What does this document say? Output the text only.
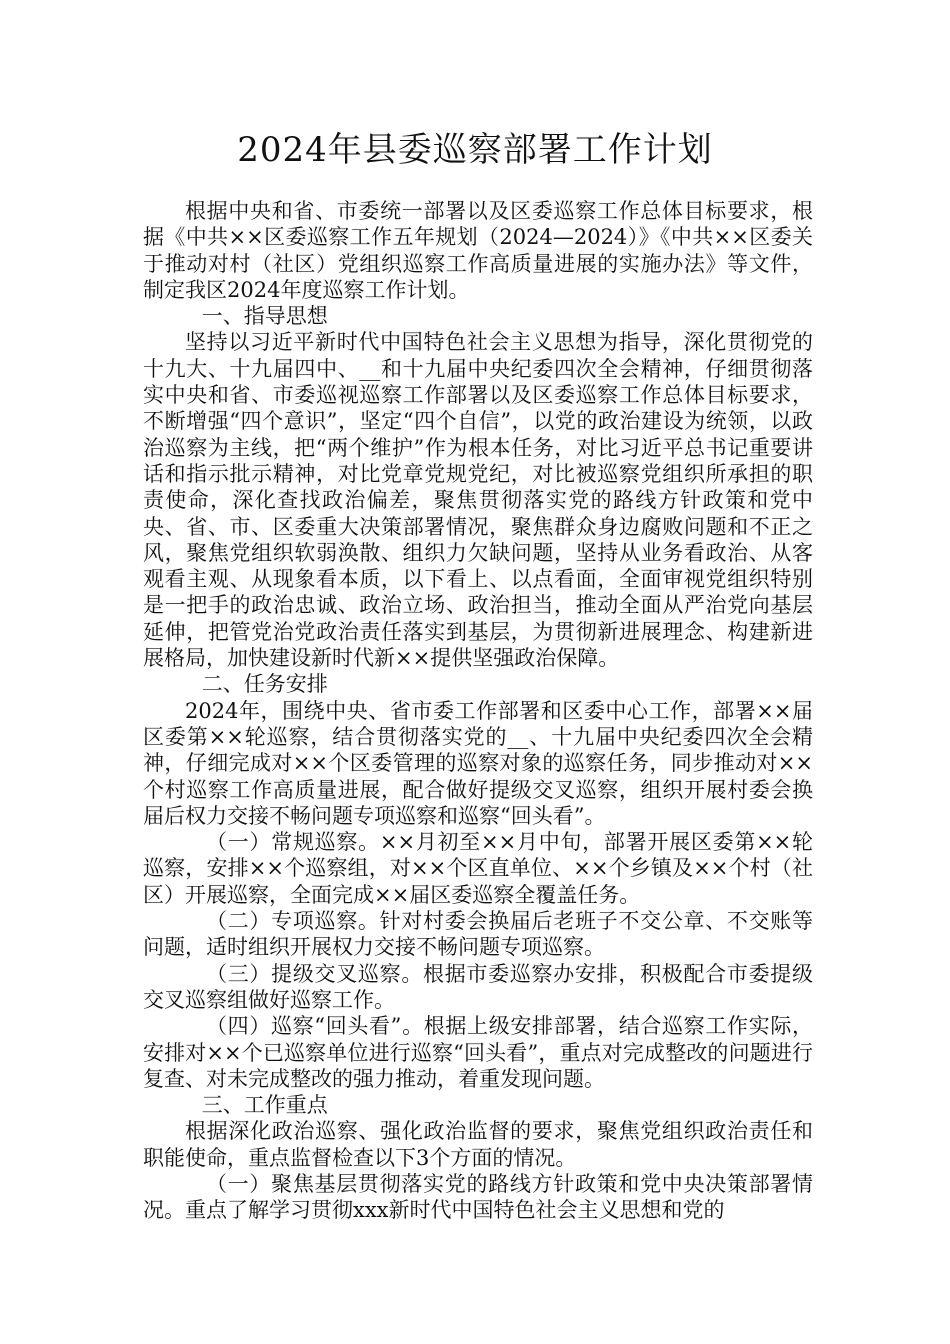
2024年县委巡察部署工作计划

根据中央和省、市委统一部署以及区委巡察工作总体目标要求，根据《中共××区委巡察工作五年规划（2024—2024）》《中共××区委关于推动对村（社区）党组织巡察工作高质量进展的实施办法》等文件，制定我区2024年度巡察工作计划。

一、指导思想

坚持以习近平新时代中国特色社会主义思想为指导，深化贯彻党的十九大、十九届四中、__和十九届中央纪委四次全会精神，仔细贯彻落实中央和省、市委巡视巡察工作部署以及区委巡察工作总体目标要求，不断增强“四个意识”，坚定“四个自信”，以党的政治建设为统领，以政治巡察为主线，把“两个维护”作为根本任务，对比习近平总书记重要讲话和指示批示精神，对比党章党规党纪，对比被巡察党组织所承担的职责使命，深化查找政治偏差，聚焦贯彻落实党的路线方针政策和党中央、省、市、区委重大决策部署情况，聚焦群众身边腐败问题和不正之风，聚焦党组织软弱涣散、组织力欠缺问题，坚持从业务看政治、从客观看主观、从现象看本质，以下看上、以点看面，全面审视党组织特别是一把手的政治忠诚、政治立场、政治担当，推动全面从严治党向基层延伸，把管党治党政治责任落实到基层，为贯彻新进展理念、构建新进展格局，加快建设新时代新××提供坚强政治保障。

二、任务安排

2024年，围绕中央、省市委工作部署和区委中心工作，部署××届区委第××轮巡察，结合贯彻落实党的__、十九届中央纪委四次全会精神，仔细完成对××个区委管理的巡察对象的巡察任务，同步推动对××个村巡察工作高质量进展，配合做好提级交叉巡察，组织开展村委会换届后权力交接不畅问题专项巡察和巡察“回头看”。

（一）常规巡察。××月初至××月中旬，部署开展区委第××轮巡察，安排××个巡察组，对××个区直单位、××个乡镇及××个村（社区）开展巡察，全面完成××届区委巡察全覆盖任务。

（二）专项巡察。针对村委会换届后老班子不交公章、不交账等问题，适时组织开展权力交接不畅问题专项巡察。

（三）提级交叉巡察。根据市委巡察办安排，积极配合市委提级交叉巡察组做好巡察工作。

（四）巡察“回头看”。根据上级安排部署，结合巡察工作实际，安排对××个已巡察单位进行巡察“回头看”，重点对完成整改的问题进行复查、对未完成整改的强力推动，着重发现问题。

三、工作重点

根据深化政治巡察、强化政治监督的要求，聚焦党组织政治责任和职能使命，重点监督检查以下3个方面的情况。

（一）聚焦基层贯彻落实党的路线方针政策和党中央决策部署情况。重点了解学习贯彻xxx新时代中国特色社会主义思想和党的
